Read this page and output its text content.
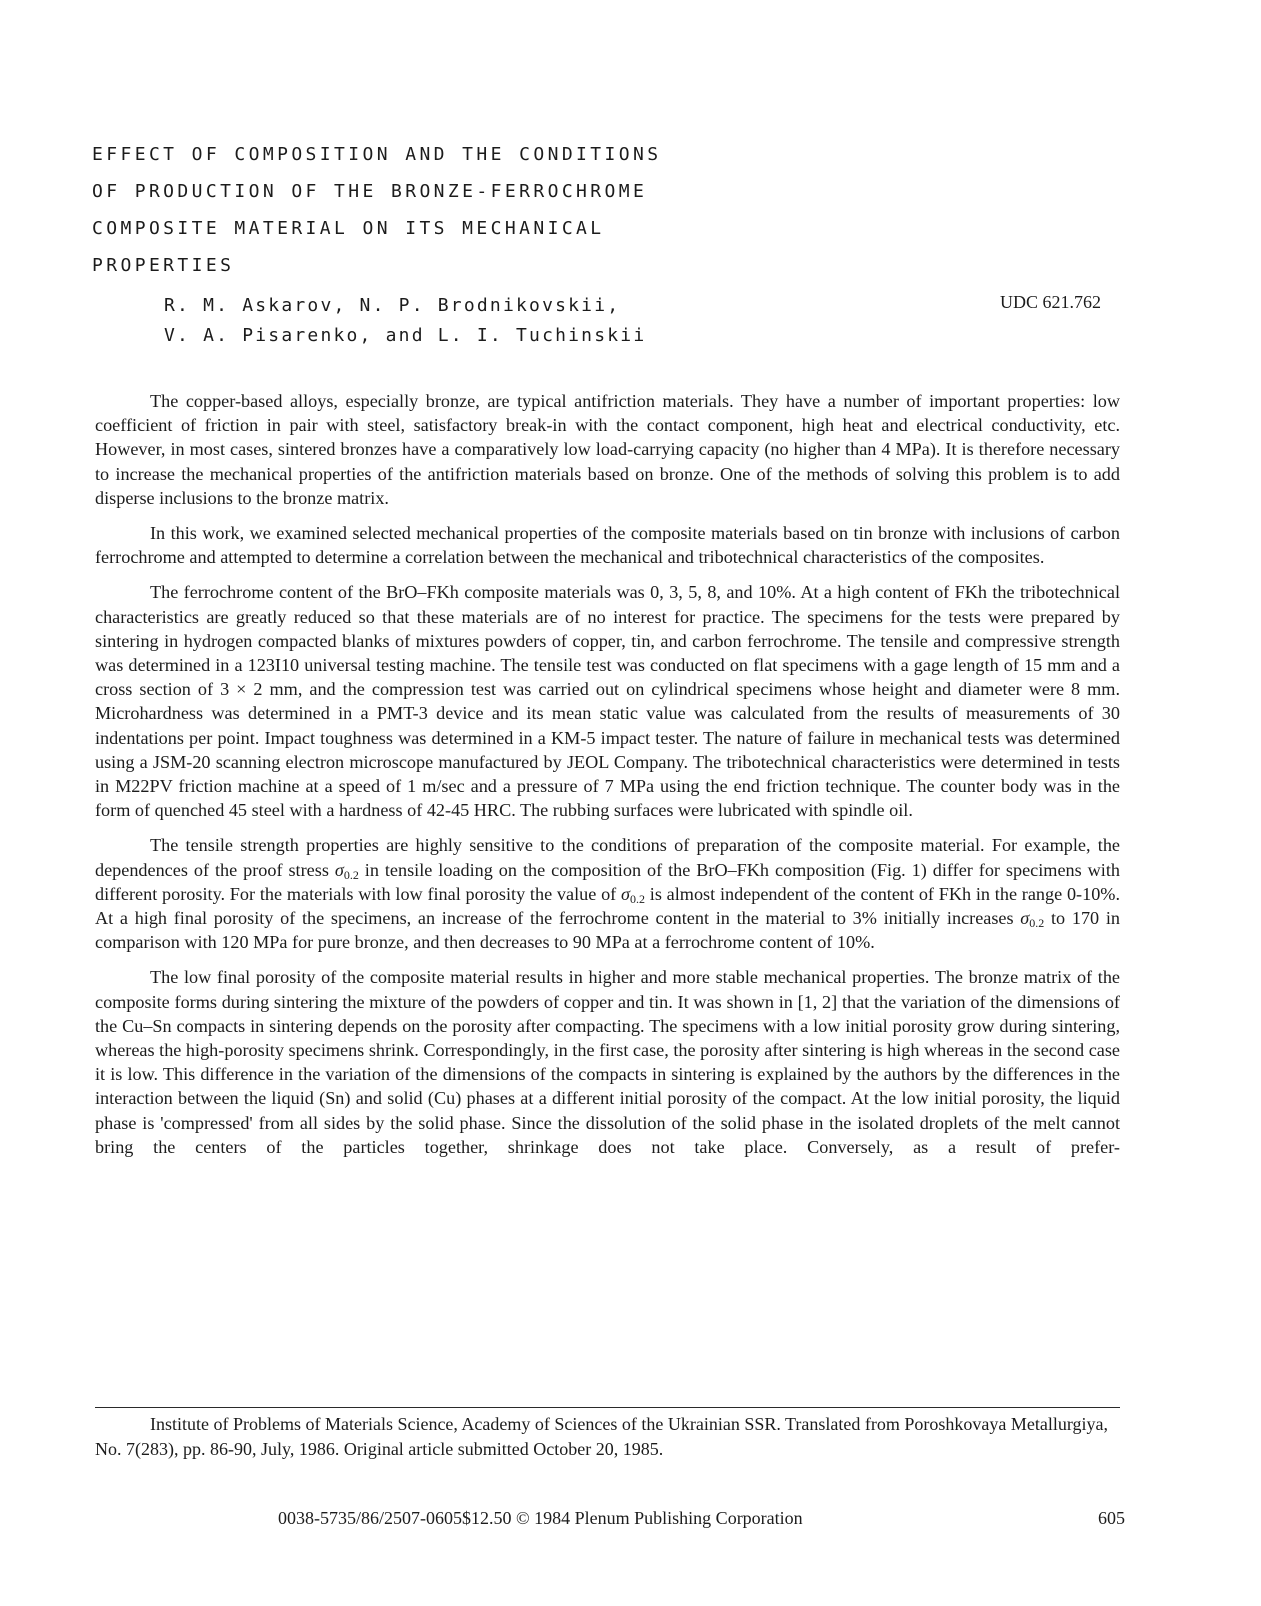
EFFECT OF COMPOSITION AND THE CONDITIONS
OF PRODUCTION OF THE BRONZE-FERROCHROME
COMPOSITE MATERIAL ON ITS MECHANICAL
PROPERTIES
R. M. Askarov, N. P. Brodnikovskii,
V. A. Pisarenko, and L. I. Tuchinskii
UDC 621.762

The copper-based alloys, especially bronze, are typical antifriction materials. They have a number of important properties: low coefficient of friction in pair with steel, satisfactory break-in with the contact component, high heat and electrical conductivity, etc. However, in most cases, sintered bronzes have a comparatively low load-carrying capacity (no higher than 4 MPa). It is therefore necessary to increase the mechanical properties of the antifriction materials based on bronze. One of the methods of solving this problem is to add disperse inclusions to the bronze matrix.

In this work, we examined selected mechanical properties of the composite materials based on tin bronze with inclusions of carbon ferrochrome and attempted to determine a correlation between the mechanical and tribotechnical characteristics of the composites.

The ferrochrome content of the BrO–FKh composite materials was 0, 3, 5, 8, and 10%. At a high content of FKh the tribotechnical characteristics are greatly reduced so that these materials are of no interest for practice. The specimens for the tests were prepared by sintering in hydrogen compacted blanks of mixtures powders of copper, tin, and carbon ferrochrome. The tensile and compressive strength was determined in a 123I10 universal testing machine. The tensile test was conducted on flat specimens with a gage length of 15 mm and a cross section of 3 × 2 mm, and the compression test was carried out on cylindrical specimens whose height and diameter were 8 mm. Microhardness was determined in a PMT-3 device and its mean static value was calculated from the results of measurements of 30 indentations per point. Impact toughness was determined in a KM-5 impact tester. The nature of failure in mechanical tests was determined using a JSM-20 scanning electron microscope manufactured by JEOL Company. The tribotechnical characteristics were determined in tests in M22PV friction machine at a speed of 1 m/sec and a pressure of 7 MPa using the end friction technique. The counter body was in the form of quenched 45 steel with a hardness of 42-45 HRC. The rubbing surfaces were lubricated with spindle oil.

The tensile strength properties are highly sensitive to the conditions of preparation of the composite material. For example, the dependences of the proof stress $\sigma_{0.2}$ in tensile loading on the composition of the BrO–FKh composition (Fig. 1) differ for specimens with different porosity. For the materials with low final porosity the value of $\sigma_{0.2}$ is almost independent of the content of FKh in the range 0-10%. At a high final porosity of the specimens, an increase of the ferrochrome content in the material to 3% initially increases $\sigma_{0.2}$ to 170 in comparison with 120 MPa for pure bronze, and then decreases to 90 MPa at a ferrochrome content of 10%.

The low final porosity of the composite material results in higher and more stable mechanical properties. The bronze matrix of the composite forms during sintering the mixture of the powders of copper and tin. It was shown in [1, 2] that the variation of the dimensions of the Cu–Sn compacts in sintering depends on the porosity after compacting. The specimens with a low initial porosity grow during sintering, whereas the high-porosity specimens shrink. Correspondingly, in the first case, the porosity after sintering is high whereas in the second case it is low. This difference in the variation of the dimensions of the compacts in sintering is explained by the authors by the differences in the interaction between the liquid (Sn) and solid (Cu) phases at a different initial porosity of the compact. At the low initial porosity, the liquid phase is 'compressed' from all sides by the solid phase. Since the dissolution of the solid phase in the isolated droplets of the melt cannot bring the centers of the particles together, shrinkage does not take place. Conversely, as a result of prefer-

Institute of Problems of Materials Science, Academy of Sciences of the Ukrainian SSR. Translated from Poroshkovaya Metallurgiya, No. 7(283), pp. 86-90, July, 1986. Original article submitted October 20, 1985.

0038-5735/86/2507-0605$12.50 © 1984 Plenum Publishing Corporation	605
